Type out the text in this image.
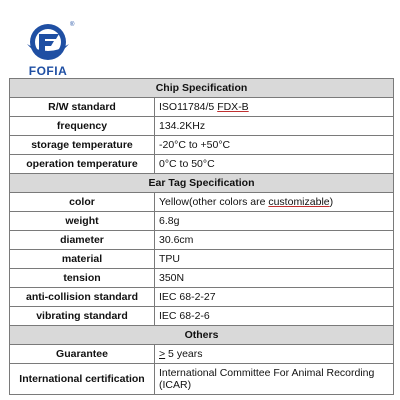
®
FOFIA
Chip Specification	
R/W standard	ISO11784/5 FDX-B
frequency	134.2KHz
storage temperature	-20°C to +50°C
operation temperature	0°C to 50°C
Ear Tag Specification	
color	Yellow(other colors are customizable)
weight	6.8g
diameter	30.6cm
material	TPU
tension	350N
anti-collision standard	IEC 68-2-27
vibrating standard	IEC 68-2-6
Others	
Guarantee	> 5 years
International certification	International Committee For Animal Recording (ICAR)
